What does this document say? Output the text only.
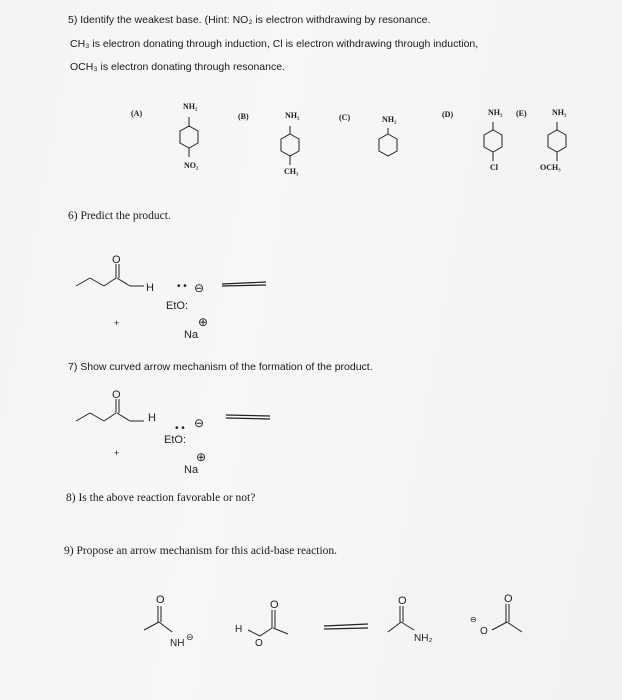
5) Identify the weakest base. (Hint: NO₂ is electron withdrawing by resonance.
CH₃ is electron donating through induction, Cl is electron withdrawing through induction,
OCH₃ is electron donating through resonance.
(A)
NH₂
NO₂
(B)	NH₂
CH₃
(C)	NH₂
(D)	NH₂
Cl
(E)	NH₂
OCH₃
6) Predict the product.
O
H
+
• •
EtO:
⊖
⊕
Na
7) Show curved arrow mechanism of the formation of the product.
O
H
+
• •
EtO:
⊖
⊕
Na
8) Is the above reaction favorable or not?
9) Propose an arrow mechanism for this acid-base reaction.
O
NH
⊖
H
O
O	O
NH₂
O
O
⊖
